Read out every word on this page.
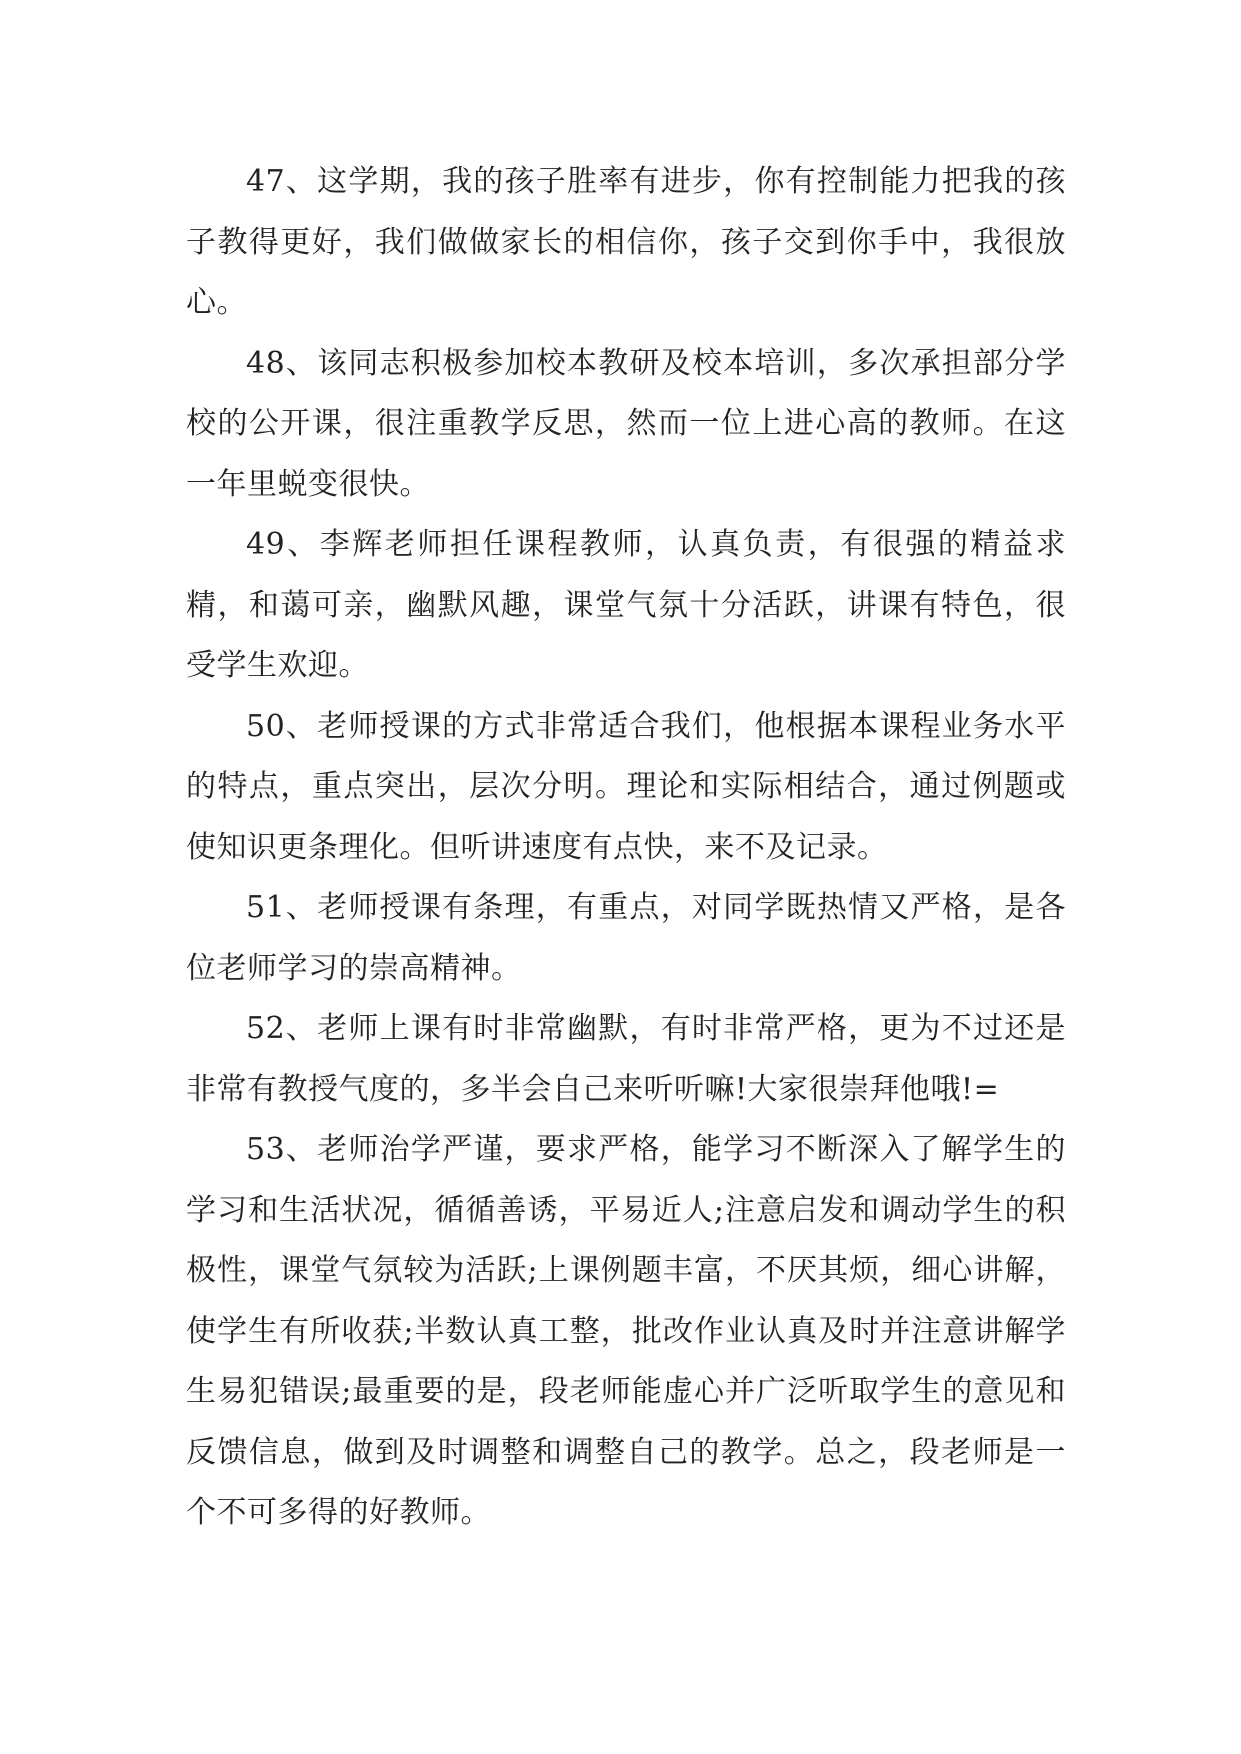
47、这学期，我的孩子胜率有进步，你有控制能力把我的孩子教得更好，我们做做家长的相信你，孩子交到你手中，我很放心。

48、该同志积极参加校本教研及校本培训，多次承担部分学校的公开课，很注重教学反思，然而一位上进心高的教师。在这一年里蜕变很快。

49、李辉老师担任课程教师，认真负责，有很强的精益求精，和蔼可亲，幽默风趣，课堂气氛十分活跃，讲课有特色，很受学生欢迎。

50、老师授课的方式非常适合我们，他根据本课程业务水平的特点，重点突出，层次分明。理论和实际相结合，通过例题或使知识更条理化。但听讲速度有点快，来不及记录。

51、老师授课有条理，有重点，对同学既热情又严格，是各位老师学习的崇高精神。

52、老师上课有时非常幽默，有时非常严格，更为不过还是非常有教授气度的，多半会自己来听听嘛!大家很崇拜他哦!=

53、老师治学严谨，要求严格，能学习不断深入了解学生的学习和生活状况，循循善诱，平易近人;注意启发和调动学生的积极性，课堂气氛较为活跃;上课例题丰富，不厌其烦，细心讲解，使学生有所收获;半数认真工整，批改作业认真及时并注意讲解学生易犯错误;最重要的是，段老师能虚心并广泛听取学生的意见和反馈信息，做到及时调整和调整自己的教学。总之，段老师是一个不可多得的好教师。
